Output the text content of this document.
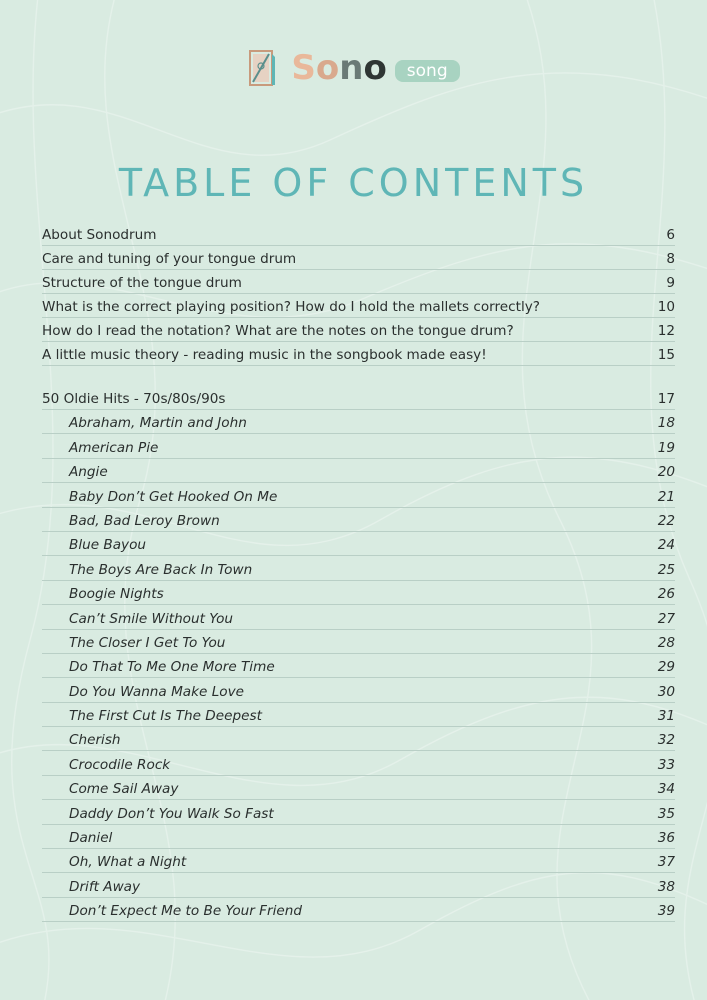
Sono	song
TABLE OF CONTENTS
About Sonodrum	6
Care and tuning of your tongue drum	8
Structure of the tongue drum	9
What is the correct playing position? How do I hold the mallets correctly?	10
How do I read the notation? What are the notes on the tongue drum?	12
A little music theory - reading music in the songbook made easy!	15
50 Oldie Hits - 70s/80s/90s	17
Abraham, Martin and John	18
American Pie	19
Angie	20
Baby Don’t Get Hooked On Me	21
Bad, Bad Leroy Brown	22
Blue Bayou	24
The Boys Are Back In Town	25
Boogie Nights	26
Can’t Smile Without You	27
The Closer I Get To You	28
Do That To Me One More Time	29
Do You Wanna Make Love	30
The First Cut Is The Deepest	31
Cherish	32
Crocodile Rock	33
Come Sail Away	34
Daddy Don’t You Walk So Fast	35
Daniel	36
Oh, What a Night	37
Drift Away	38
Don’t Expect Me to Be Your Friend	39
